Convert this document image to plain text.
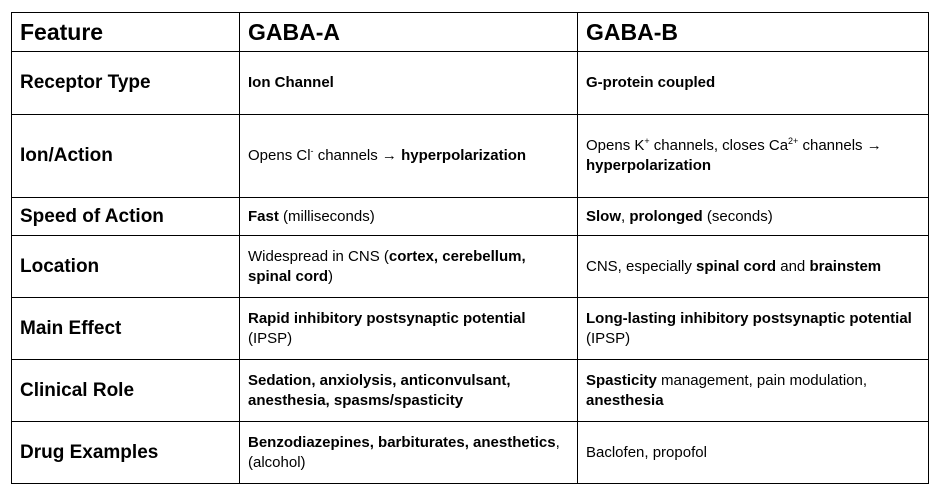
Feature	GABA-A	GABA-B
Receptor Type	Ion Channel	G-protein coupled
Ion/Action	Opens Cl- channels → hyperpolarization	Opens K+ channels, closes $Ca^{2+}$ channels → hyperpolarization
Speed of Action	Fast (milliseconds)	Slow, prolonged (seconds)
Location	Widespread in CNS (cortex, cerebellum, spinal cord)	CNS, especially spinal cord and brainstem
Main Effect	Rapid inhibitory postsynaptic potential (IPSP)	Long-lasting inhibitory postsynaptic potential (IPSP)
Clinical Role	Sedation, anxiolysis, anticonvulsant, anesthesia, spasms/spasticity	Spasticity management, pain modulation, anesthesia
Drug Examples	Benzodiazepines, barbiturates, anesthetics, (alcohol)	Baclofen, propofol
